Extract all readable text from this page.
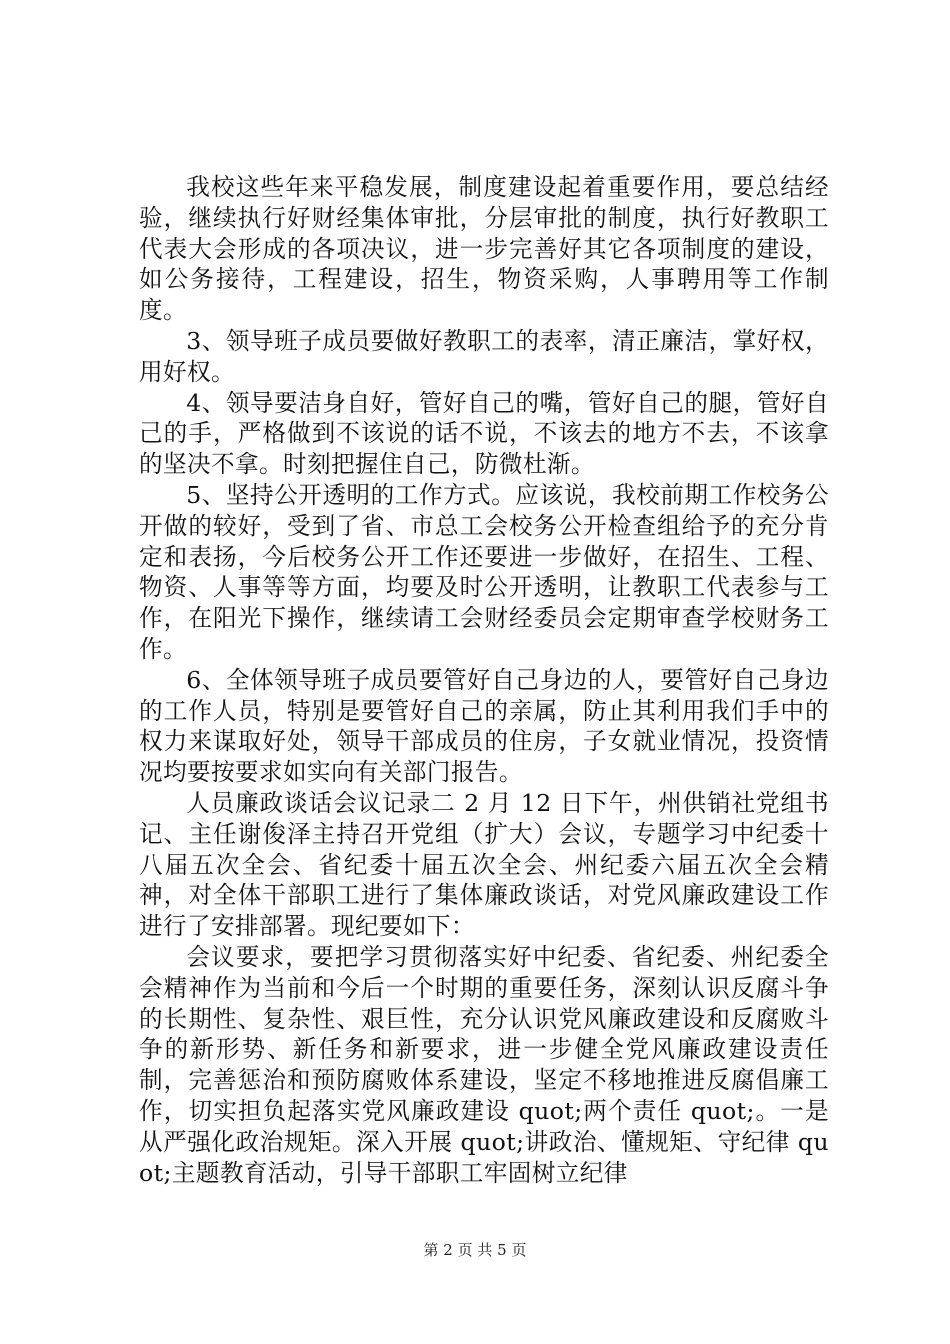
我校这些年来平稳发展，制度建设起着重要作用，要总结经验，继续执行好财经集体审批，分层审批的制度，执行好教职工代表大会形成的各项决议，进一步完善好其它各项制度的建设，如公务接待，工程建设，招生，物资采购，人事聘用等工作制度。

3、领导班子成员要做好教职工的表率，清正廉洁，掌好权，用好权。

4、领导要洁身自好，管好自己的嘴，管好自己的腿，管好自己的手，严格做到不该说的话不说，不该去的地方不去，不该拿的坚决不拿。时刻把握住自己，防微杜渐。

5、坚持公开透明的工作方式。应该说，我校前期工作校务公开做的较好，受到了省、市总工会校务公开检查组给予的充分肯定和表扬，今后校务公开工作还要进一步做好，在招生、工程、物资、人事等等方面，均要及时公开透明，让教职工代表参与工作，在阳光下操作，继续请工会财经委员会定期审查学校财务工作。

6、全体领导班子成员要管好自己身边的人，要管好自己身边的工作人员，特别是要管好自己的亲属，防止其利用我们手中的权力来谋取好处，领导干部成员的住房，子女就业情况，投资情况均要按要求如实向有关部门报告。

人员廉政谈话会议记录二 2 月 12 日下午，州供销社党组书记、主任谢俊泽主持召开党组（扩大）会议，专题学习中纪委十八届五次全会、省纪委十届五次全会、州纪委六届五次全会精神，对全体干部职工进行了集体廉政谈话，对党风廉政建设工作进行了安排部署。现纪要如下：

会议要求，要把学习贯彻落实好中纪委、省纪委、州纪委全会精神作为当前和今后一个时期的重要任务，深刻认识反腐斗争的长期性、复杂性、艰巨性，充分认识党风廉政建设和反腐败斗争的新形势、新任务和新要求，进一步健全党风廉政建设责任制，完善惩治和预防腐败体系建设，坚定不移地推进反腐倡廉工作，切实担负起落实党风廉政建设 quot;两个责任 quot;。一是从严强化政治规矩。深入开展 quot;讲政治、懂规矩、守纪律 quot;主题教育活动，引导干部职工牢固树立纪律

第 2 页 共 5 页
